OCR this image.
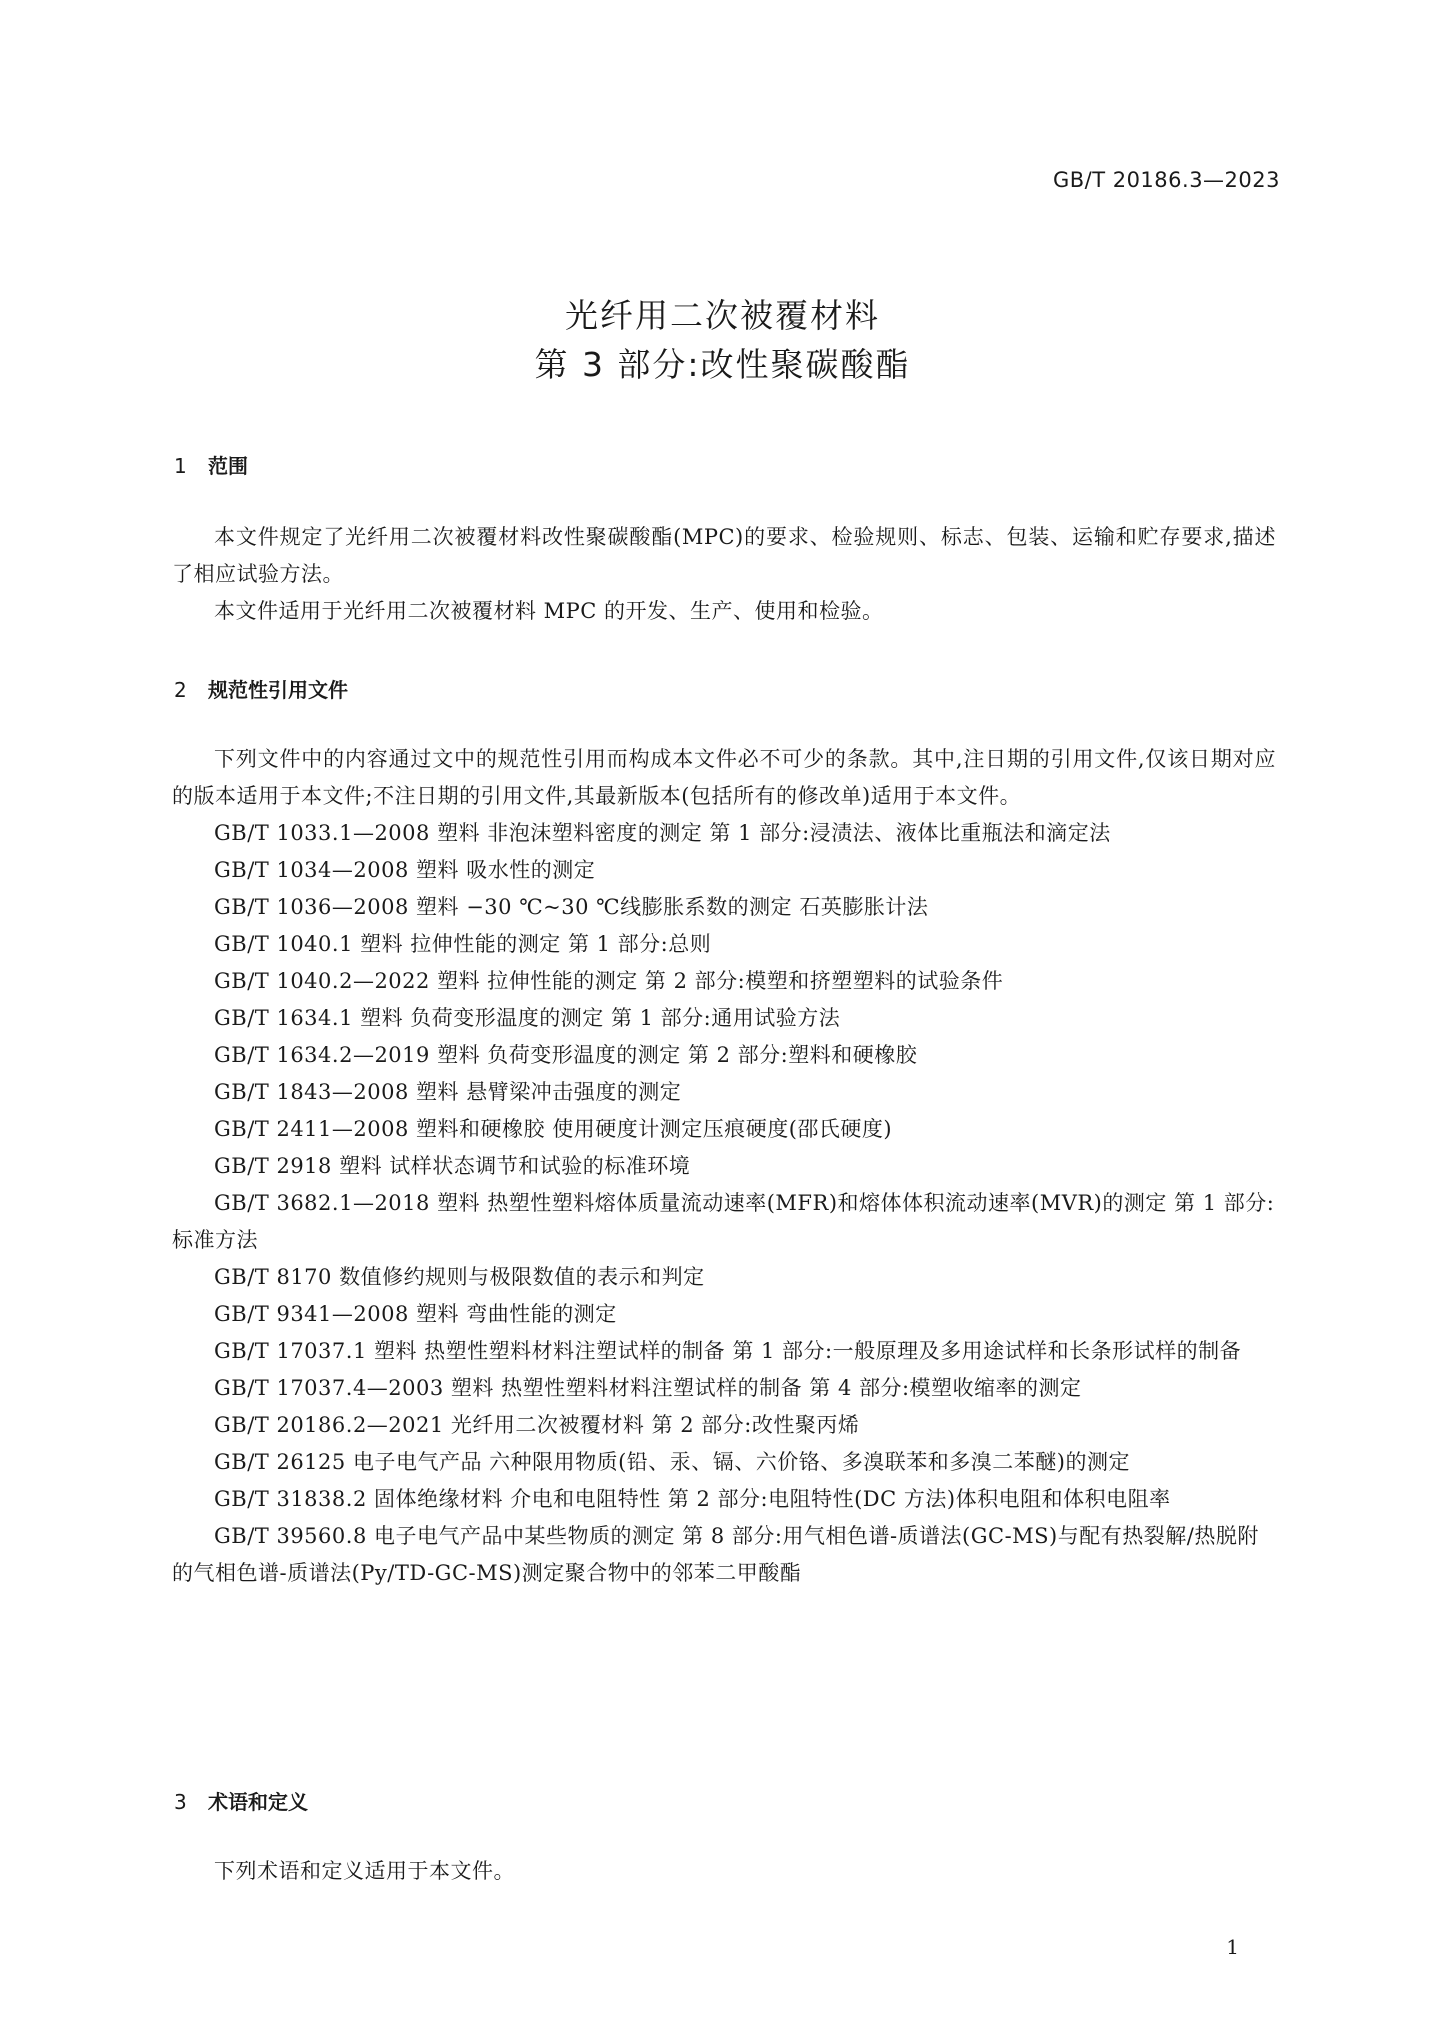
GB/T 20186.3—2023
光纤用二次被覆材料
第 3 部分:改性聚碳酸酯
1 范围

本文件规定了光纤用二次被覆材料改性聚碳酸酯(MPC)的要求、检验规则、标志、包装、运输和贮存要求,描述了相应试验方法。

本文件适用于光纤用二次被覆材料 MPC 的开发、生产、使用和检验。

2 规范性引用文件

下列文件中的内容通过文中的规范性引用而构成本文件必不可少的条款。其中,注日期的引用文件,仅该日期对应的版本适用于本文件;不注日期的引用文件,其最新版本(包括所有的修改单)适用于本文件。

GB/T 1033.1—2008 塑料 非泡沫塑料密度的测定 第 1 部分:浸渍法、液体比重瓶法和滴定法

GB/T 1034—2008 塑料 吸水性的测定

GB/T 1036—2008 塑料 −30 ℃~30 ℃线膨胀系数的测定 石英膨胀计法

GB/T 1040.1 塑料 拉伸性能的测定 第 1 部分:总则

GB/T 1040.2—2022 塑料 拉伸性能的测定 第 2 部分:模塑和挤塑塑料的试验条件

GB/T 1634.1 塑料 负荷变形温度的测定 第 1 部分:通用试验方法

GB/T 1634.2—2019 塑料 负荷变形温度的测定 第 2 部分:塑料和硬橡胶

GB/T 1843—2008 塑料 悬臂梁冲击强度的测定

GB/T 2411—2008 塑料和硬橡胶 使用硬度计测定压痕硬度(邵氏硬度)

GB/T 2918 塑料 试样状态调节和试验的标准环境

GB/T 3682.1—2018 塑料 热塑性塑料熔体质量流动速率(MFR)和熔体体积流动速率(MVR)的测定 第 1 部分:标准方法

GB/T 8170 数值修约规则与极限数值的表示和判定

GB/T 9341—2008 塑料 弯曲性能的测定

GB/T 17037.1 塑料 热塑性塑料材料注塑试样的制备 第 1 部分:一般原理及多用途试样和长条形试样的制备

GB/T 17037.4—2003 塑料 热塑性塑料材料注塑试样的制备 第 4 部分:模塑收缩率的测定

GB/T 20186.2—2021 光纤用二次被覆材料 第 2 部分:改性聚丙烯

GB/T 26125 电子电气产品 六种限用物质(铅、汞、镉、六价铬、多溴联苯和多溴二苯醚)的测定

GB/T 31838.2 固体绝缘材料 介电和电阻特性 第 2 部分:电阻特性(DC 方法)体积电阻和体积电阻率

GB/T 39560.8 电子电气产品中某些物质的测定 第 8 部分:用气相色谱-质谱法(GC-MS)与配有热裂解/热脱附的气相色谱-质谱法(Py/TD-GC-MS)测定聚合物中的邻苯二甲酸酯

3 术语和定义

下列术语和定义适用于本文件。

1
